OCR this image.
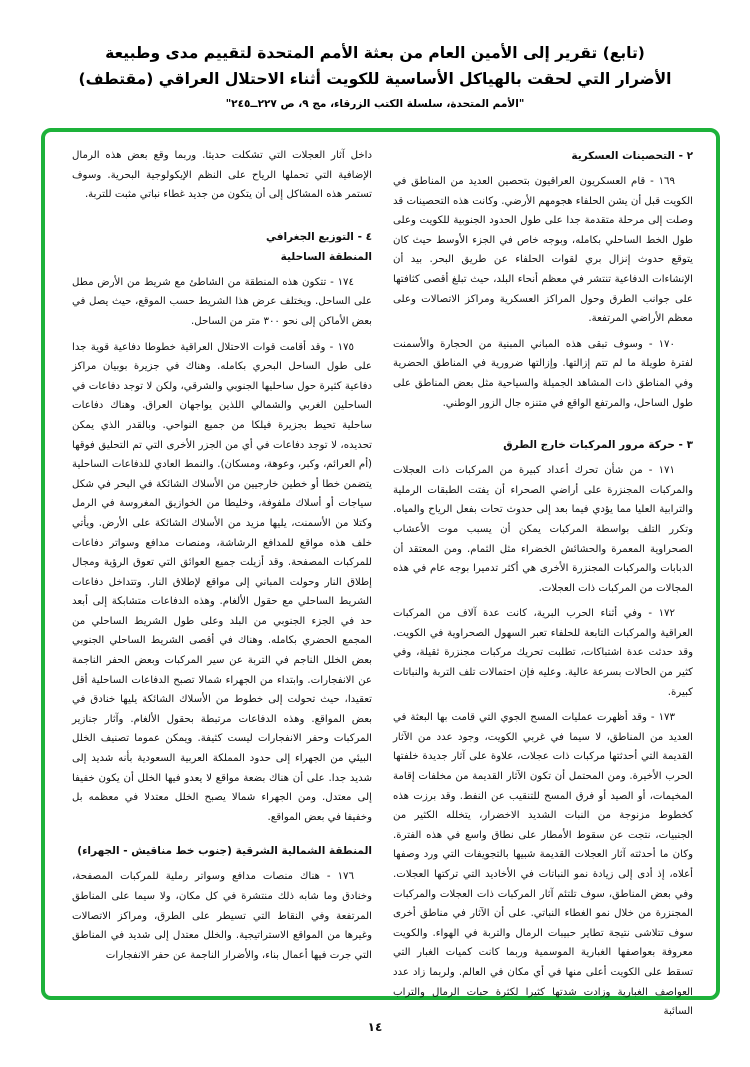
(تابع) تقرير إلى الأمين العام من بعثة الأمم المتحدة لتقييم مدى وطبيعة

الأضرار التي لحقت بالهياكل الأساسية للكويت أثناء الاحتلال العراقي (مقتطف)

"الأمم المتحدة، سلسلة الكتب الزرقاء، مج ٩، ص ٢٢٧ــ٢٤٥"
٢ - التحصينات العسكرية

١٦٩ - قام العسكريون العراقيون بتحصين العديد من المناطق في الكويت قبل أن يشن الحلفاء هجومهم الأرضي. وكانت هذه التحصينات قد وصلت إلى مرحلة متقدمة جدا على طول الحدود الجنوبية للكويت وعلى طول الخط الساحلي بكامله، وبوجه خاص في الجزء الأوسط حيث كان يتوقع حدوث إنزال بري لقوات الحلفاء عن طريق البحر. بيد أن الإنشاءات الدفاعية تنتشر في معظم أنحاء البلد، حيث تبلغ أقصى كثافتها على جوانب الطرق وحول المراكز العسكرية ومراكز الاتصالات وعلى معظم الأراضي المرتفعة.

١٧٠ - وسوف تبقى هذه المباني المبنية من الحجارة والأسمنت لفترة طويلة ما لم تتم إزالتها. وإزالتها ضرورية في المناطق الحضرية وفي المناطق ذات المشاهد الجميلة والسياحية مثل بعض المناطق على طول الساحل، والمرتفع الواقع في متنزه جال الزور الوطني.

٣ - حركة مرور المركبات خارج الطرق

١٧١ - من شأن تحرك أعداد كبيرة من المركبات ذات العجلات والمركبات المجنزرة على أراضي الصحراء أن يفتت الطبقات الرملية والترابية العليا مما يؤدي فيما بعد إلى حدوث تحات بفعل الرياح والمياه. وتكرر التلف بواسطة المركبات يمكن أن يسبب موت الأعشاب الصحراوية المعمرة والحشائش الخضراء مثل الثمام. ومن المعتقد أن الدبابات والمركبات المجنزرة الأخرى هي أكثر تدميرا بوجه عام في هذه المجالات من المركبات ذات العجلات.

١٧٢ - وفي أثناء الحرب البرية، كانت عدة آلاف من المركبات العراقية والمركبات التابعة للحلفاء تعبر السهول الصحراوية في الكويت. وقد حدثت عدة اشتباكات، تطلبت تحريك مركبات مجنزرة ثقيلة، وفي كثير من الحالات بسرعة عالية. وعليه فإن احتمالات تلف التربة والنباتات كبيرة.

١٧٣ - وقد أظهرت عمليات المسح الجوي التي قامت بها البعثة في العديد من المناطق، لا سيما في غربي الكويت، وجود عدد من الآثار القديمة التي أحدثتها مركبات ذات عجلات، علاوة على آثار جديدة خلفتها الحرب الأخيرة. ومن المحتمل أن تكون الآثار القديمة من مخلفات إقامة المخيمات، أو الصيد أو فرق المسح للتنقيب عن النفط. وقد برزت هذه كخطوط مزنوجة من النبات الشديد الاخضرار، يتخلله الكثير من الجنبيات، نتجت عن سقوط الأمطار على نطاق واسع في هذه الفترة. وكان ما أحدثته آثار العجلات القديمة شبيها بالتجويفات التي ورد وصفها أعلاه، إذ أدى إلى زيادة نمو النباتات في الأخاديد التي تركتها العجلات. وفي بعض المناطق، سوف تلتئم آثار المركبات ذات العجلات والمركبات المجنزرة من خلال نمو الغطاء النباتي. على أن الآثار في مناطق أخرى سوف تتلاشى نتيجة تطاير حبيبات الرمال والتربة في الهواء. والكويت معروفة بعواصفها الغبارية الموسمية وربما كانت كميات الغبار التي تسقط على الكويت أعلى منها في أي مكان في العالم. ولربما زاد عدد العواصف الغبارية وزادت شدتها كثيرا لكثرة حبات الرمال والتراب السائبة

داخل آثار العجلات التي تشكلت حديثا. وربما وقع بعض هذه الرمال الإضافية التي تحملها الرياح على النظم الإيكولوجية البحرية. وسوف تستمر هذه المشاكل إلى أن يتكون من جديد غطاء نباتي مثبت للتربة.

٤ - التوزيع الجغرافي
المنطقة الساحلية

١٧٤ - تتكون هذه المنطقة من الشاطئ مع شريط من الأرض مطل على الساحل. ويختلف عرض هذا الشريط حسب الموقع، حيث يصل في بعض الأماكن إلى نحو ٣٠٠ متر من الساحل.

١٧٥ - وقد أقامت قوات الاحتلال العراقية خطوطا دفاعية قوية جدا على طول الساحل البحري بكامله. وهناك في جزيرة بوبيان مراكز دفاعية كثيرة حول ساحليها الجنوبي والشرقي، ولكن لا توجد دفاعات في الساحلين الغربي والشمالي اللذين يواجهان العراق. وهناك دفاعات ساحلية تحيط بجزيرة فيلكا من جميع النواحي. وبالقدر الذي يمكن تحديده، لا توجد دفاعات في أي من الجزر الأخرى التي تم التحليق فوقها (أم العرائم، وكبر، وعوهة، ومسكان). والنمط العادي للدفاعات الساحلية يتضمن خطا أو خطين خارجيين من الأسلاك الشائكة في البحر في شكل سياجات أو أسلاك ملفوفة، وخليطا من الخوازيق المغروسة في الرمل وكتلا من الأسمنت، يليها مزيد من الأسلاك الشائكة على الأرض. ويأتي خلف هذه مواقع للمدافع الرشاشة، ومنصات مدافع وسواتر دفاعات للمركبات المصفحة. وقد أزيلت جميع العوائق التي تعوق الرؤية ومجال إطلاق النار وحولت المباني إلى مواقع لإطلاق النار. وتتداخل دفاعات الشريط الساحلي مع حقول الألغام. وهذه الدفاعات متشابكة إلى أبعد حد في الجزء الجنوبي من البلد وعلى طول الشريط الساحلي من المجمع الحضري بكامله. وهناك في أقصى الشريط الساحلي الجنوبي بعض الخلل الناجم في التربة عن سير المركبات وبعض الحفر الناجمة عن الانفجارات. وابتداء من الجهراء شمالا تصبح الدفاعات الساحلية أقل تعقيدا، حيث تحولت إلى خطوط من الأسلاك الشائكة يليها خنادق في بعض المواقع. وهذه الدفاعات مرتبطة بحقول الألغام. وآثار جنازير المركبات وحفر الانفجارات ليست كثيفة. ويمكن عموما تصنيف الخلل البيئي من الجهراء إلى حدود المملكة العربية السعودية بأنه شديد إلى شديد جدا. على أن هناك بضعة مواقع لا يعدو فيها الخلل أن يكون خفيفا إلى معتدل. ومن الجهراء شمالا يصبح الخلل معتدلا في معظمه بل وخفيفا في بعض المواقع.

المنطقة الشمالية الشرقية (جنوب خط مناقيش - الجهراء)

١٧٦ - هناك منصات مدافع وسواتر رملية للمركبات المصفحة، وخنادق وما شابه ذلك منتشرة في كل مكان، ولا سيما على المناطق المرتفعة وفي النقاط التي تسيطر على الطرق، ومراكز الاتصالات وغيرها من المواقع الاستراتيجية. والخلل معتدل إلى شديد في المناطق التي جرت فيها أعمال بناء، والأضرار الناجمة عن حفر الانفجارات

١٤
